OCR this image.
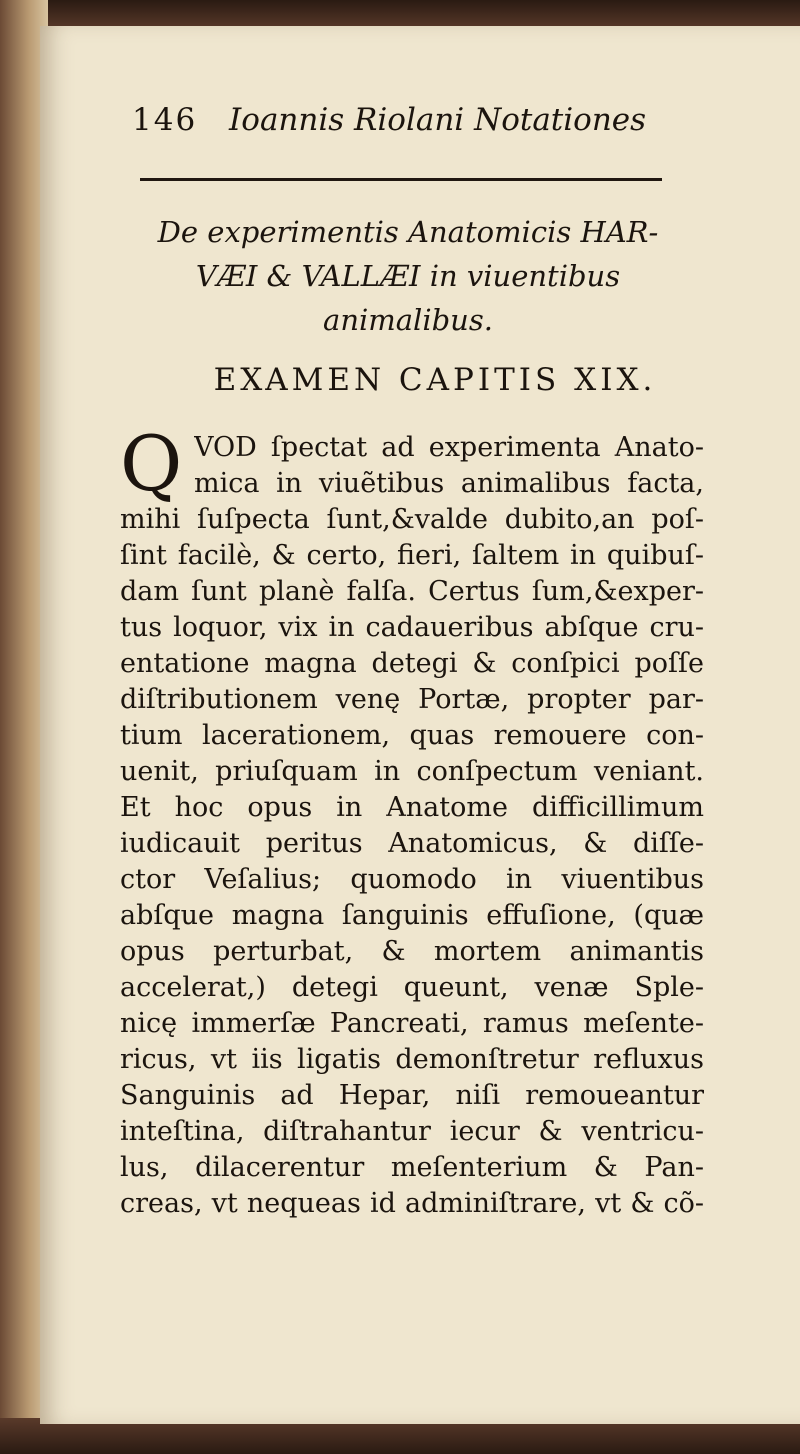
146 Ioannis Riolani Notationes
De experimentis Anatomicis HAR-
VÆI & VALLÆI in viuentibus
animalibus.
EXAMEN CAPITIS XIX.
Q VOD ſpectat ad experimenta Anato-
mica in viuẽtibus animalibus facta,
mihi ſuſpecta ſunt,&valde dubito,an poſ-
ſint facilè, & certo, fieri, ſaltem in quibuſ-
dam ſunt planè falſa. Certus ſum,&exper-
tus loquor, vix in cadaueribus abſque cru-
entatione magna detegi & conſpici poſſe
diſtributionem venę Portæ, propter par-
tium lacerationem, quas remouere con-
uenit, priuſquam in conſpectum veniant.
Et hoc opus in Anatome difficillimum
iudicauit peritus Anatomicus, & diſſe-
ctor Veſalius; quomodo in viuentibus
abſque magna ſanguinis effuſione, (quæ
opus perturbat, & mortem animantis
accelerat,) detegi queunt, venæ Sple-
nicę immerſæ Pancreati, ramus meſente-
ricus, vt iis ligatis demonſtretur refluxus
Sanguinis ad Hepar, niſi remoueantur
inteſtina, diſtrahantur iecur & ventricu-
lus, dilacerentur meſenterium & Pan-
creas, vt nequeas id adminiſtrare, vt & cõ-
